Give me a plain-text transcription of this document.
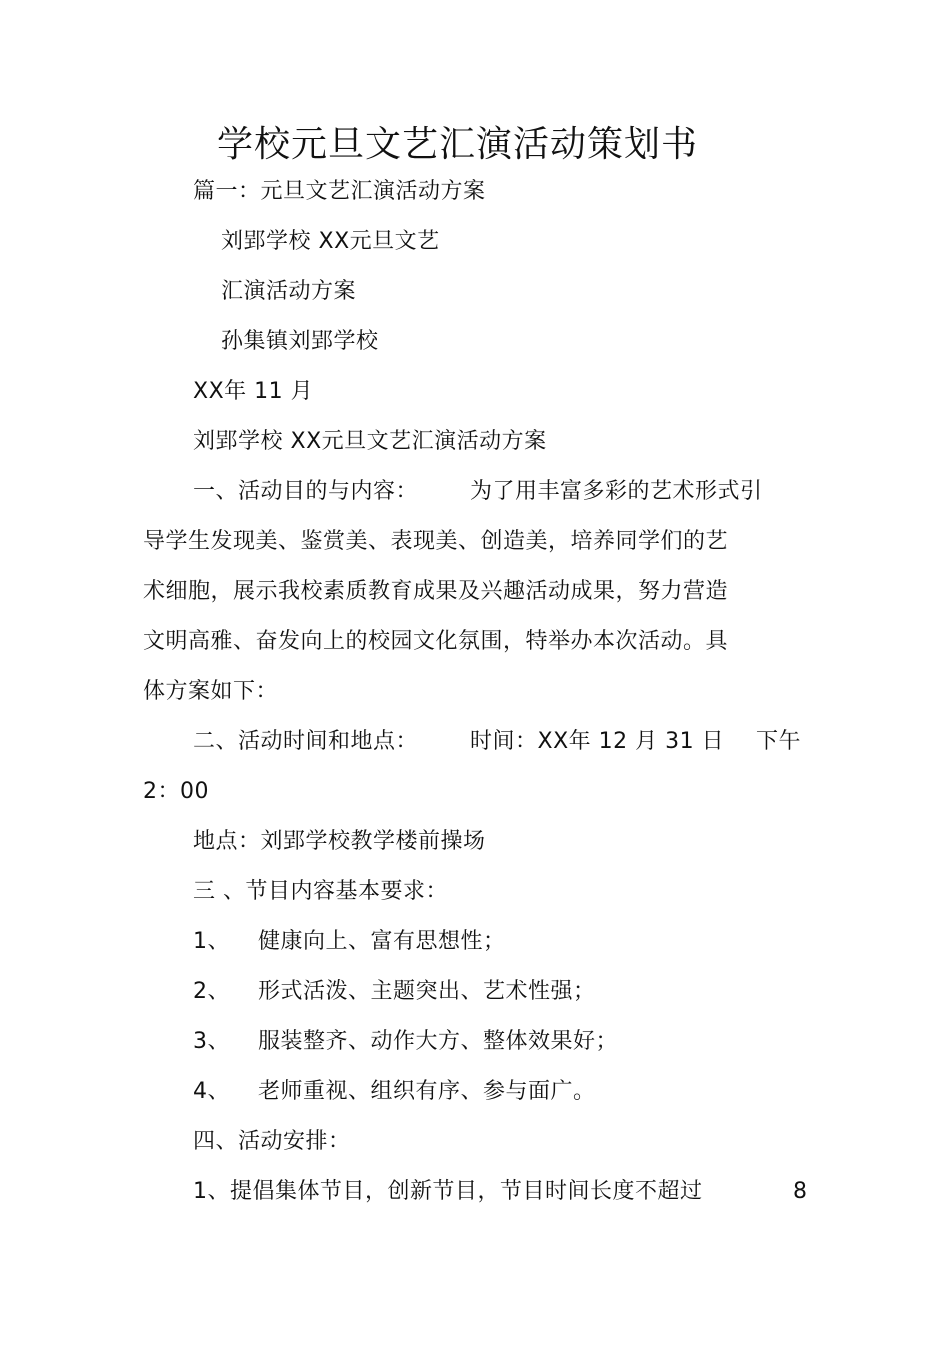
学校元旦文艺汇演活动策划书
篇一：元旦文艺汇演活动方案
刘郢学校 XX元旦文艺
汇演活动方案
孙集镇刘郢学校
XX年 11 月
刘郢学校 XX元旦文艺汇演活动方案
一、活动目的与内容： 为了用丰富多彩的艺术形式引
导学生发现美、鉴赏美、表现美、创造美，培养同学们的艺
术细胞，展示我校素质教育成果及兴趣活动成果，努力营造
文明高雅、奋发向上的校园文化氛围，特举办本次活动。具
体方案如下：
二、活动时间和地点： 时间：XX年 12 月 31 日 下午
2：00
地点：刘郢学校教学楼前操场
三 、节目内容基本要求：
1、 健康向上、富有思想性；
2、 形式活泼、主题突出、艺术性强；
3、 服装整齐、动作大方、整体效果好；
4、 老师重视、组织有序、参与面广。
四、活动安排：
1、提倡集体节目，创新节目，节目时间长度不超过	8
